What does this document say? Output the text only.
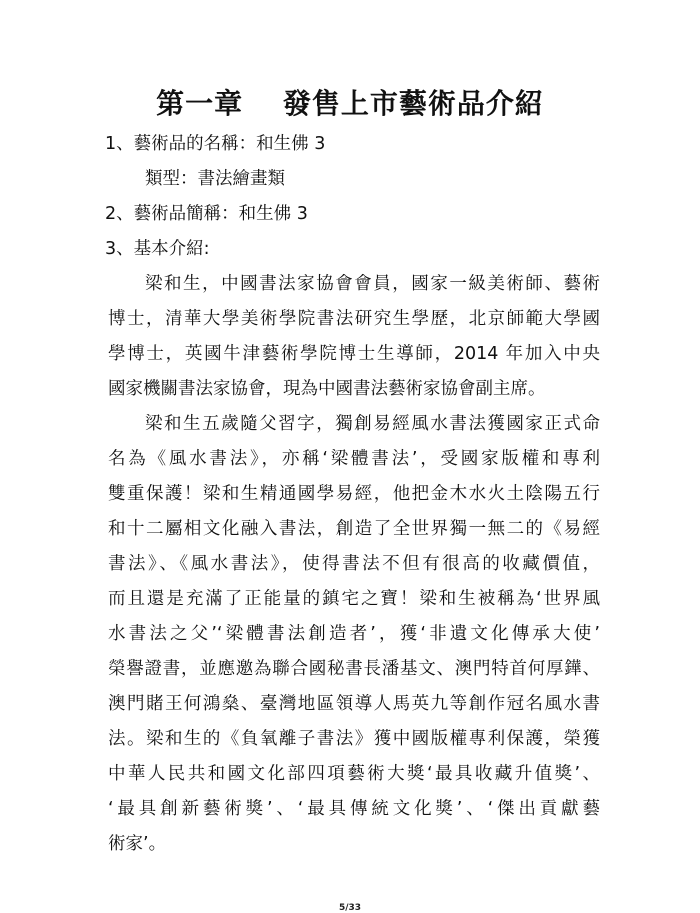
第一章　 發售上市藝術品介紹
1、藝術品的名稱：和生佛 3
類型：書法繪畫類
2、藝術品簡稱：和生佛 3
3、基本介紹:
梁和生，中國書法家協會會員，國家一級美術師、藝術
博士，清華大學美術學院書法研究生學歷，北京師範大學國
學博士，英國牛津藝術學院博士生導師，2014 年加入中央
國家機關書法家協會，現為中國書法藝術家協會副主席。
梁和生五歲隨父習字，獨創易經風水書法獲國家正式命
名為《風水書法》，亦稱‘梁體書法’，受國家版權和專利
雙重保護！梁和生精通國學易經，他把金木水火土陰陽五行
和十二屬相文化融入書法，創造了全世界獨一無二的《易經
書法》、《風水書法》，使得書法不但有很高的收藏價值，
而且還是充滿了正能量的鎮宅之寶！梁和生被稱為‘世界風
水書法之父’‘梁體書法創造者’，獲‘非遺文化傳承大使’
榮譽證書，並應邀為聯合國秘書長潘基文、澳門特首何厚鏵、
澳門賭王何鴻燊、臺灣地區領導人馬英九等創作冠名風水書
法。梁和生的《負氧離子書法》獲中國版權專利保護，榮獲
中華人民共和國文化部四項藝術大獎‘最具收藏升值獎’、
‘最具創新藝術獎’、‘最具傳統文化獎’、‘傑出貢獻藝
術家’。
5/33
